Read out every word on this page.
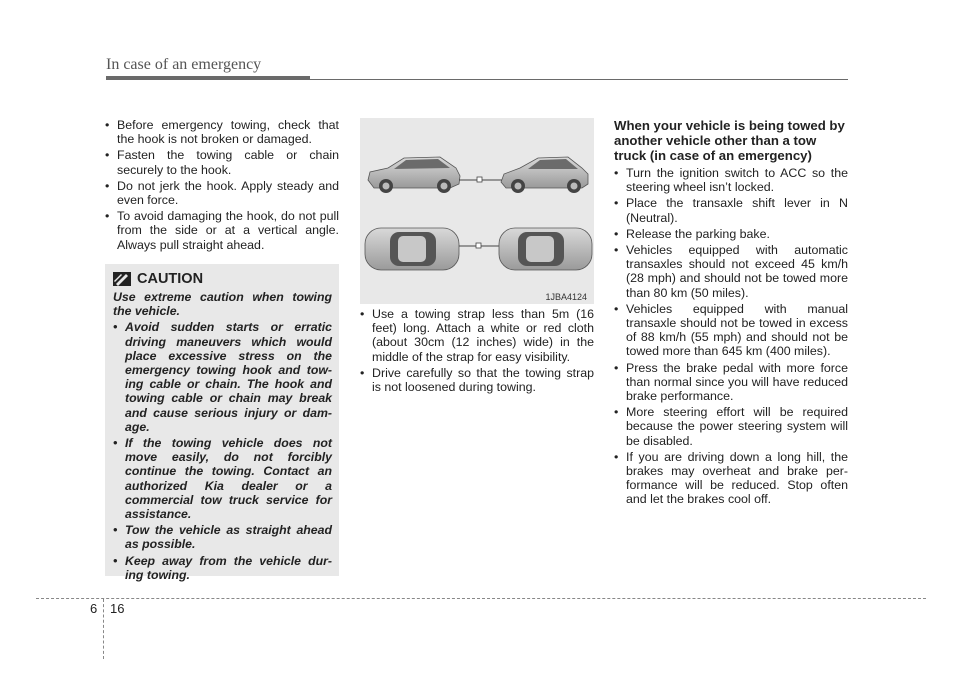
In case of an emergency
• Before emergency towing, check that the hook is not broken or damaged.
• Fasten the towing cable or chain securely to the hook.
• Do not jerk the hook. Apply steady and even force.
• To avoid damaging the hook, do not pull from the side or at a vertical angle. Always pull straight ahead.
CAUTION
Use extreme caution when towing the vehicle.
• Avoid sudden starts or erratic driving maneuvers which would place excessive stress on the emergency towing hook and tow-ing cable or chain. The hook and towing cable or chain may break and cause serious injury or dam-age.
• If the towing vehicle does not move easily, do not forcibly continue the towing. Contact an authorized Kia dealer or a commercial tow truck service for assistance.
• Tow the vehicle as straight ahead as possible.
• Keep away from the vehicle dur-ing towing.
1JBA4124
• Use a towing strap less than 5m (16 feet) long. Attach a white or red cloth (about 30cm (12 inches) wide) in the middle of the strap for easy visibility.
• Drive carefully so that the towing strap is not loosened during towing.
When your vehicle is being towed by another vehicle other than a tow truck (in case of an emergency)
• Turn the ignition switch to ACC so the steering wheel isn’t locked.
• Place the transaxle shift lever in N (Neutral).
• Release the parking bake.
• Vehicles equipped with automatic transaxles should not exceed 45 km/h (28 mph) and should not be towed more than 80 km (50 miles).
• Vehicles equipped with manual transaxle should not be towed in excess of 88 km/h (55 mph) and should not be towed more than 645 km (400 miles).
• Press the brake pedal with more force than normal since you will have reduced brake performance.
• More steering effort will be required because the power steering system will be disabled.
• If you are driving down a long hill, the brakes may overheat and brake per-formance will be reduced. Stop often and let the brakes cool off.
6 16
